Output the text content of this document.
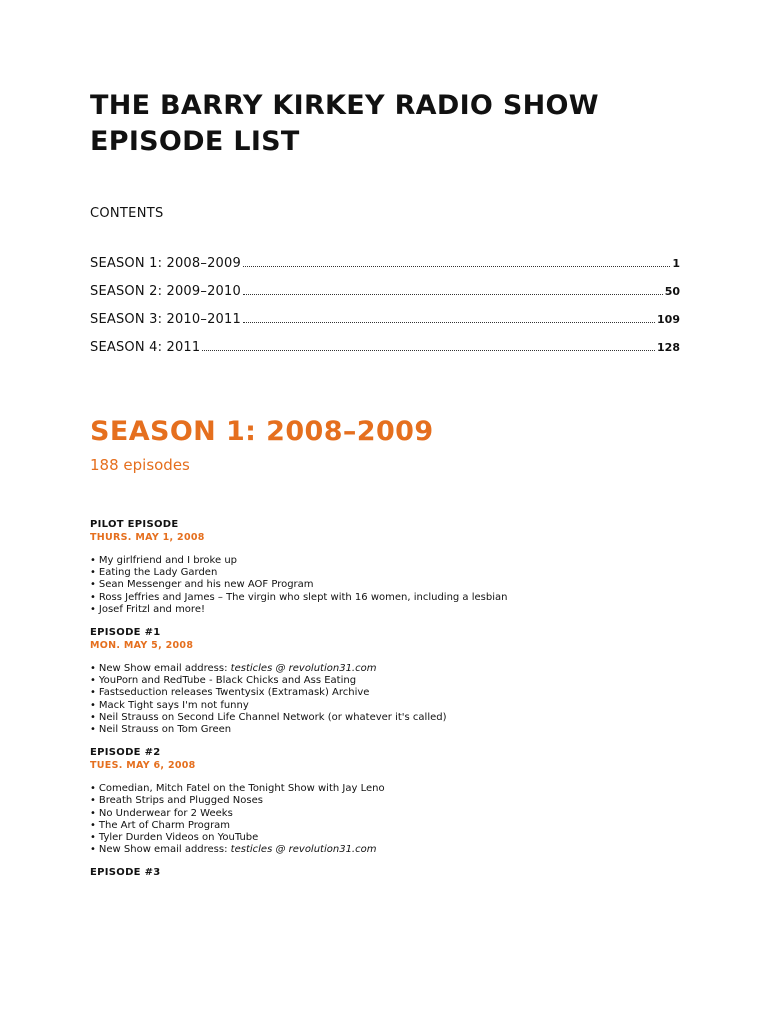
THE BARRY KIRKEY RADIO SHOW
EPISODE LIST
CONTENTS
SEASON 1: 2008–2009	1
SEASON 2: 2009–2010	50
SEASON 3: 2010–2011	109
SEASON 4: 2011	128
SEASON 1: 2008–2009
188 episodes
PILOT EPISODE
THURS. MAY 1, 2008
• My girlfriend and I broke up
• Eating the Lady Garden
• Sean Messenger and his new AOF Program
• Ross Jeffries and James – The virgin who slept with 16 women, including a lesbian
• Josef Fritzl and more!
EPISODE #1
MON. MAY 5, 2008
• New Show email address: testicles @ revolution31.com
• YouPorn and RedTube - Black Chicks and Ass Eating
• Fastseduction releases Twentysix (Extramask) Archive
• Mack Tight says I'm not funny
• Neil Strauss on Second Life Channel Network (or whatever it's called)
• Neil Strauss on Tom Green
EPISODE #2
TUES. MAY 6, 2008
• Comedian, Mitch Fatel on the Tonight Show with Jay Leno
• Breath Strips and Plugged Noses
• No Underwear for 2 Weeks
• The Art of Charm Program
• Tyler Durden Videos on YouTube
• New Show email address: testicles @ revolution31.com
EPISODE #3
